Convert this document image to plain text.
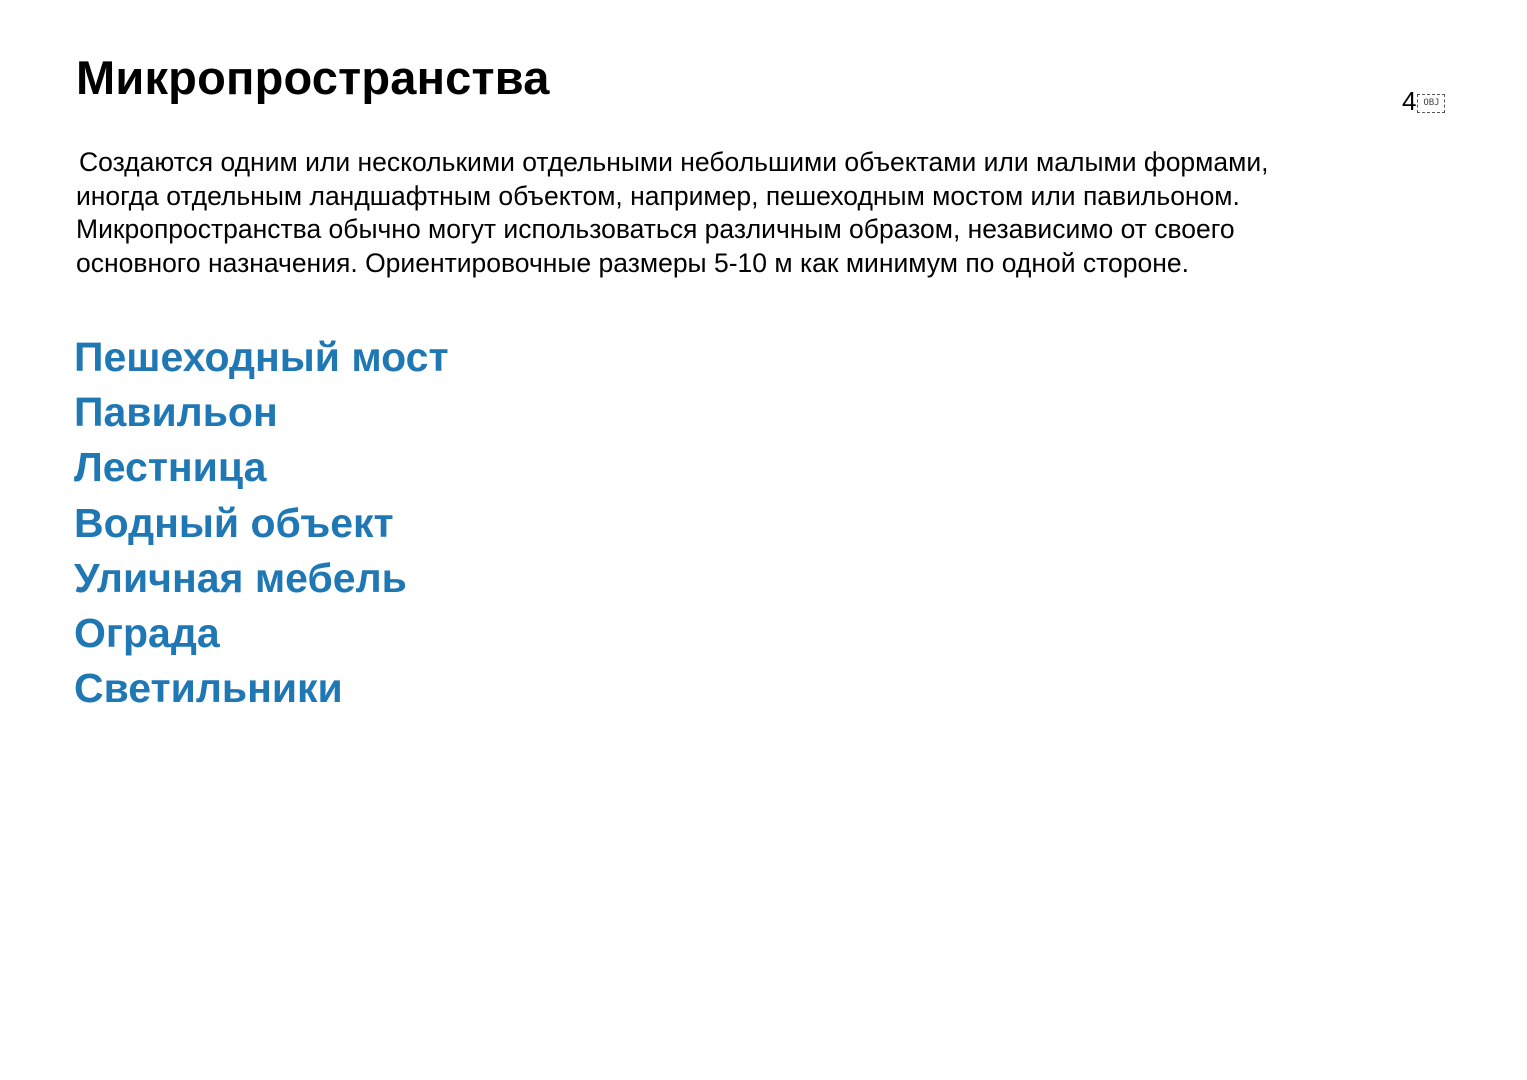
Микропространства	4 OBJ
Создаются одним или несколькими отдельными небольшими объектами или малыми формами,
иногда отдельным ландшафтным объектом, например, пешеходным мостом или павильоном.
Микропространства обычно могут использоваться различным образом, независимо от своего
основного назначения. Ориентировочные размеры 5-10 м как минимум по одной стороне.
Пешеходный мост
Павильон
Лестница
Водный объект
Уличная мебель
Ограда
Светильники
